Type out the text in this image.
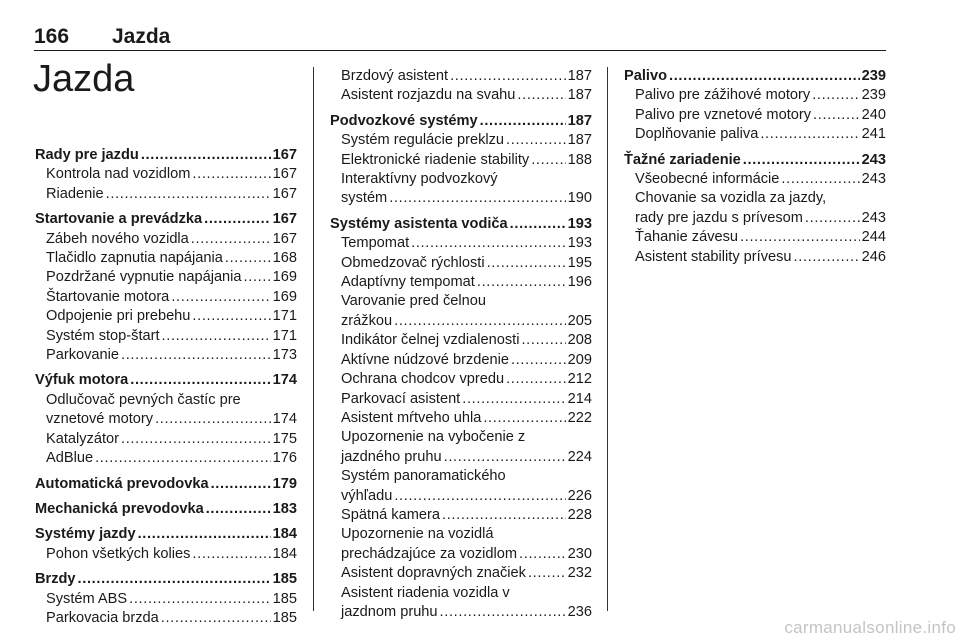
166 Jazda
Jazda
Rady pre jazdu . . .	167
Kontrola nad vozidlom . . .	167
Riadenie . . .	167
Startovanie a prevádzka . . .	167
Zábeh nového vozidla . . .	167
Tlačidlo zapnutia napájania . . .	168
Pozdržané vypnutie napájania . . . 169
Štartovanie motora . . .	169
Odpojenie pri prebehu . . .	171
Systém stop-štart . . .	171
Parkovanie . . .	173
Výfuk motora . . .	174
Odlučovač pevných častíc pre
vznetové motory . . .	174
Katalyzátor . . .	175
AdBlue . . .	176
Automatická prevodovka . . .	179
Mechanická prevodovka . . .	183
Systémy jazdy . . .	184
Pohon všetkých kolies . . .	184
Brzdy . . .	185
Systém ABS . . .	185
Parkovacia brzda . . .	185
Brzdový asistent . . .	187
Asistent rozjazdu na svahu . . .	187
Podvozkové systémy . . .	187
Systém regulácie preklzu . . .	187
Elektronické riadenie stability . . .	188
Interaktívny podvozkový
systém . . .	190
Systémy asistenta vodiča . . .	193
Tempomat . . .	193
Obmedzovač rýchlosti . . .	195
Adaptívny tempomat . . .	196
Varovanie pred čelnou
zrážkou . . .	205
Indikátor čelnej vzdialenosti . . .	208
Aktívne núdzové brzdenie . . .	209
Ochrana chodcov vpredu . . .	212
Parkovací asistent . . .	214
Asistent mŕtveho uhla . . .	222
Upozornenie na vybočenie z
jazdného pruhu . . .	224
Systém panoramatického
výhľadu . . .	226
Spätná kamera . . .	228
Upozornenie na vozidlá
prechádzajúce za vozidlom . . .	230
Asistent dopravných značiek . . .	232
Asistent riadenia vozidla v
jazdnom pruhu . . .	236
Palivo . . .	239
Palivo pre zážihové motory . . .	239
Palivo pre vznetové motory . . .	240
Doplňovanie paliva . . .	241
Ťažné zariadenie . . .	243
Všeobecné informácie . . .	243
Chovanie sa vozidla za jazdy,
rady pre jazdu s prívesom . . .	243
Ťahanie závesu . . .	244
Asistent stability prívesu . . .	246
carmanualsonline.info
